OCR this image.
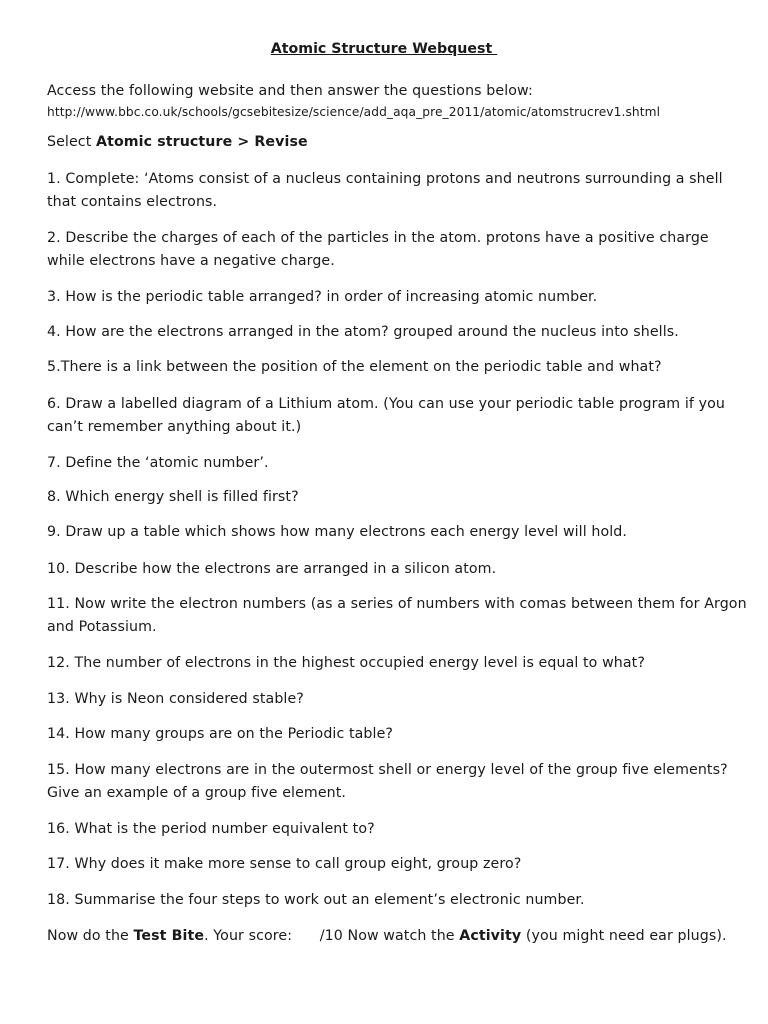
Atomic Structure Webquest
Access the following website and then answer the questions below:
http://www.bbc.co.uk/schools/gcsebitesize/science/add_aqa_pre_2011/atomic/atomstrucrev1.shtml
Select Atomic structure > Revise
1. Complete: ‘Atoms consist of a nucleus containing protons and neutrons surrounding a shell that contains electrons.
2. Describe the charges of each of the particles in the atom. protons have a positive charge while electrons have a negative charge.
3. How is the periodic table arranged? in order of increasing atomic number.
4. How are the electrons arranged in the atom? grouped around the nucleus into shells.
5.There is a link between the position of the element on the periodic table and what?
6. Draw a labelled diagram of a Lithium atom. (You can use your periodic table program if you can’t remember anything about it.)
7. Define the ‘atomic number’.
8. Which energy shell is filled first?
9. Draw up a table which shows how many electrons each energy level will hold.
10. Describe how the electrons are arranged in a silicon atom.
11. Now write the electron numbers (as a series of numbers with comas between them for Argon and Potassium.
12. The number of electrons in the highest occupied energy level is equal to what?
13. Why is Neon considered stable?
14. How many groups are on the Periodic table?
15. How many electrons are in the outermost shell or energy level of the group five elements? Give an example of a group five element.
16. What is the period number equivalent to?
17. Why does it make more sense to call group eight, group zero?
18. Summarise the four steps to work out an element’s electronic number.
Now do the Test Bite. Your score:      /10 Now watch the Activity (you might need ear plugs).
